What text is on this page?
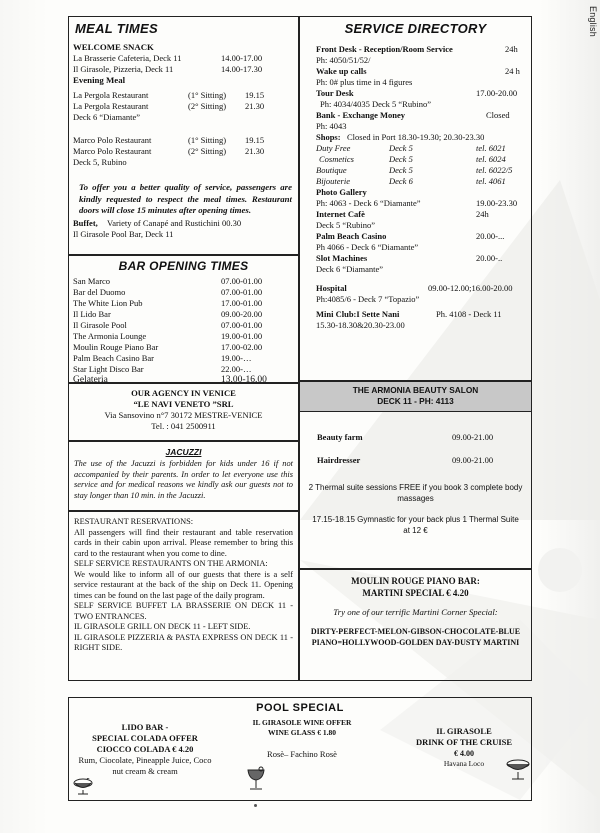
English
MEAL TIMES
WELCOME SNACK
La Brasserie Cafeteria, Deck 11	14.00-17.00
Il Girasole, Pizzeria, Deck 11	14.00-17.30
Evening Meal
La Pergola Restaurant	(1° Sitting) 19.15
La Pergola Restaurant	(2° Sitting) 21.30
Deck 6 “Diamante”
Marco Polo Restaurant	(1° Sitting) 19.15
Marco Polo Restaurant	(2° Sitting) 21.30
Deck 5, Rubino
To offer you a better quality of service, passengers are kindly requested to respect the meal times. Restaurant doors will close 15 minutes after opening times.
Buffet, Variety of Canapé and Rustichini 00.30
Il Girasole Pool Bar, Deck 11
BAR OPENING TIMES
San Marco	07.00-01.00
Bar del Duomo	07.00-01.00
The White Lion Pub	17.00-01.00
Il Lido Bar	09.00-20.00
Il Girasole Pool	07.00-01.00
The Armonia Lounge	19.00-01.00
Moulin Rouge Piano Bar	17.00-02.00
Palm Beach Casino Bar	19.00-…
Star Light Disco Bar	22.00-…
Gelateria	13.00-16.00
OUR AGENCY IN VENICE
“LE NAVI VENETO ”SRL
Via Sansovino n°7 30172 MESTRE-VENICE
Tel. : 041 2500911
JACUZZI
The use of the Jacuzzi is forbidden for kids under 16 if not accompanied by their parents. In order to let everyone use this service and for medical reasons we kindly ask our guests not to stay longer than 10 min. in the Jacuzzi.
RESTAURANT RESERVATIONS:
All passengers will find their restaurant and table reservation cards in their cabin upon arrival. Please remember to bring this card to the restaurant when you come to dine.
SELF SERVICE RESTAURANTS ON THE ARMONIA:
We would like to inform all of our guests that there is a self service restaurant at the back of the ship on Deck 11. Opening times can be found on the last page of the daily program.
SELF SERVICE BUFFET LA BRASSERIE ON DECK 11 - TWO ENTRANCES.
IL GIRASOLE GRILL ON DECK 11 - LEFT SIDE.
IL GIRASOLE PIZZERIA & PASTA EXPRESS ON DECK 11 - RIGHT SIDE.
SERVICE DIRECTORY
Front Desk - Reception/Room Service	24h
Ph: 4050/51/52/
Wake up calls	24 h
Ph: 0# plus time in 4 figures
Tour Desk	17.00-20.00
Ph: 4034/4035 Deck 5 “Rubino”
Bank - Exchange Money	Closed
Ph: 4043
Shops: Closed in Port 18.30-19.30; 20.30-23.30
Duty Free	Deck 5	tel. 6021
Cosmetics	Deck 5	tel. 6024
Boutique	Deck 5	tel. 6022/5
Bijouterie	Deck 6	tel. 4061
Photo Gallery
Ph: 4063 - Deck 6 “Diamante”	19.00-23.30
Internet Cafè	24h
Deck 5 “Rubino”
Palm Beach Casino	20.00-...
Ph 4066 - Deck 6 “Diamante”
Slot Machines	20.00-..
Deck 6 “Diamante”
Hospital	09.00-12.00;16.00-20.00
Ph:4085/6 - Deck 7 “Topazio”
Mini Club:I Sette Nani	Ph. 4108 - Deck 11
15.30-18.30&20.30-23.00
THE ARMONIA BEAUTY SALON
DECK 11 - PH: 4113
Beauty farm	09.00-21.00
Hairdresser	09.00-21.00
2 Thermal suite sessions FREE if you book 3 complete body massages
17.15-18.15 Gymnastic for your back plus 1 Thermal Suite at 12 €
MOULIN ROUGE PIANO BAR:
MARTINI SPECIAL € 4.20
Try one of our terrific Martini Corner Special:
DIRTY-PERFECT-MELON-GIBSON-CHOCOLATE-BLUE PIANO=HOLLYWOOD-GOLDEN DAY-DUSTY MARTINI
POOL SPECIAL
LIDO BAR -
SPECIAL COLADA OFFER
CIOCCO COLADA € 4.20
Rum, Ciocolate, Pineapple Juice, Coco nut cream & cream
IL GIRASOLE WINE OFFER
WINE GLASS € 1.80
Rosè– Fachino Rosè
IL GIRASOLE
DRINK OF THE CRUISE
€ 4.00
Havana Loco
